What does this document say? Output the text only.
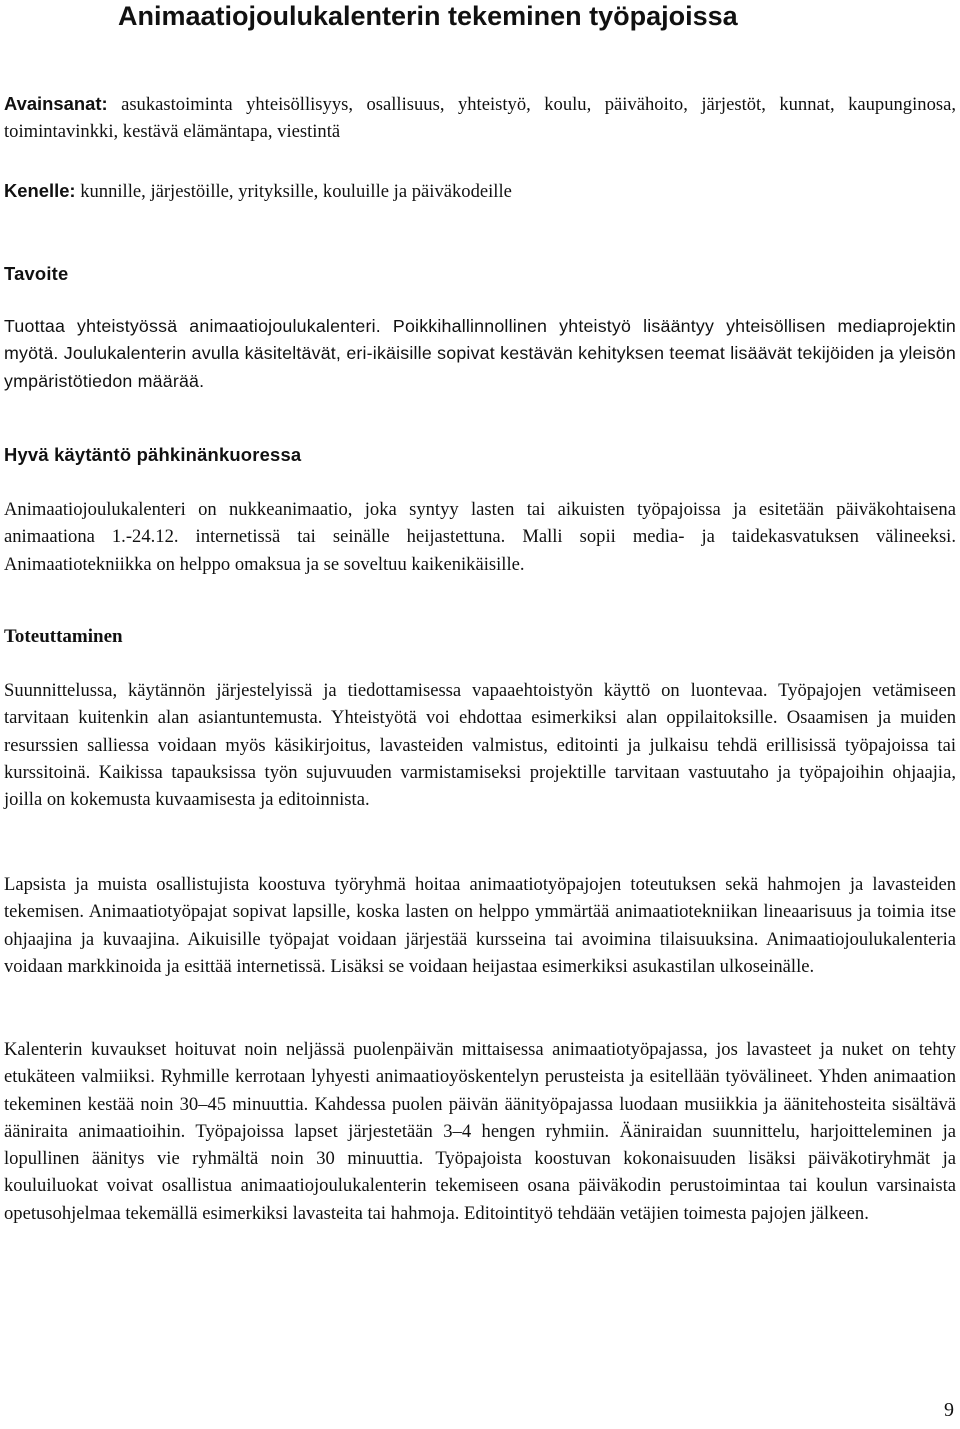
Animaatiojoulukalenterin tekeminen työpajoissa

Avainsanat: asukastoiminta yhteisöllisyys, osallisuus, yhteistyö, koulu, päivähoito, järjestöt, kunnat, kaupunginosa, toimintavinkki, kestävä elämäntapa, viestintä

Kenelle: kunnille, järjestöille, yrityksille, kouluille ja päiväkodeille

Tavoite

Tuottaa yhteistyössä animaatiojoulukalenteri. Poikkihallinnollinen yhteistyö lisääntyy yhteisöllisen mediaprojektin myötä. Joulukalenterin avulla käsiteltävät, eri-ikäisille sopivat kestävän kehityksen teemat lisäävät tekijöiden ja yleisön ympäristötiedon määrää.

Hyvä käytäntö pähkinänkuoressa

Animaatiojoulukalenteri on nukkeanimaatio, joka syntyy lasten tai aikuisten työpajoissa ja esitetään päiväkohtaisena animaationa 1.-24.12. internetissä tai seinälle heijastettuna. Malli sopii media- ja taidekasvatuksen välineeksi. Animaatiotekniikka on helppo omaksua ja se soveltuu kaikenikäisille.

Toteuttaminen

Suunnittelussa, käytännön järjestelyissä ja tiedottamisessa vapaaehtoistyön käyttö on luontevaa. Työpajojen vetämiseen tarvitaan kuitenkin alan asiantuntemusta. Yhteistyötä voi ehdottaa esimerkiksi alan oppilaitoksille. Osaamisen ja muiden resurssien salliessa voidaan myös käsikirjoitus, lavasteiden valmistus, editointi ja julkaisu tehdä erillisissä työpajoissa tai kurssitoinä. Kaikissa tapauksissa työn sujuvuuden varmistamiseksi projektille tarvitaan vastuutaho ja työpajoihin ohjaajia, joilla on kokemusta kuvaamisesta ja editoinnista.

Lapsista ja muista osallistujista koostuva työryhmä hoitaa animaatiotyöpajojen toteutuksen sekä hahmojen ja lavasteiden tekemisen. Animaatiotyöpajat sopivat lapsille, koska lasten on helppo ymmärtää animaatiotekniikan lineaarisuus ja toimia itse ohjaajina ja kuvaajina. Aikuisille työpajat voidaan järjestää kursseina tai avoimina tilaisuuksina. Animaatiojoulukalenteria voidaan markkinoida ja esittää internetissä. Lisäksi se voidaan heijastaa esimerkiksi asukastilan ulkoseinälle.

Kalenterin kuvaukset hoituvat noin neljässä puolenpäivän mittaisessa animaatiotyöpajassa, jos lavasteet ja nuket on tehty etukäteen valmiiksi. Ryhmille kerrotaan lyhyesti animaatioyöskentelyn perusteista ja esitellään työvälineet. Yhden animaation tekeminen kestää noin 30–45 minuuttia. Kahdessa puolen päivän äänityöpajassa luodaan musiikkia ja äänitehosteita sisältävä ääniraita animaatioihin. Työpajoissa lapset järjestetään 3–4 hengen ryhmiin. Ääniraidan suunnittelu, harjoitteleminen ja lopullinen äänitys vie ryhmältä noin 30 minuuttia. Työpajoista koostuvan kokonaisuuden lisäksi päiväkotiryhmät ja kouluiluokat voivat osallistua animaatiojoulukalenterin tekemiseen osana päiväkodin perustoimintaa tai koulun varsinaista opetusohjelmaa tekemällä esimerkiksi lavasteita tai hahmoja. Editointityö tehdään vetäjien toimesta pajojen jälkeen.

9
